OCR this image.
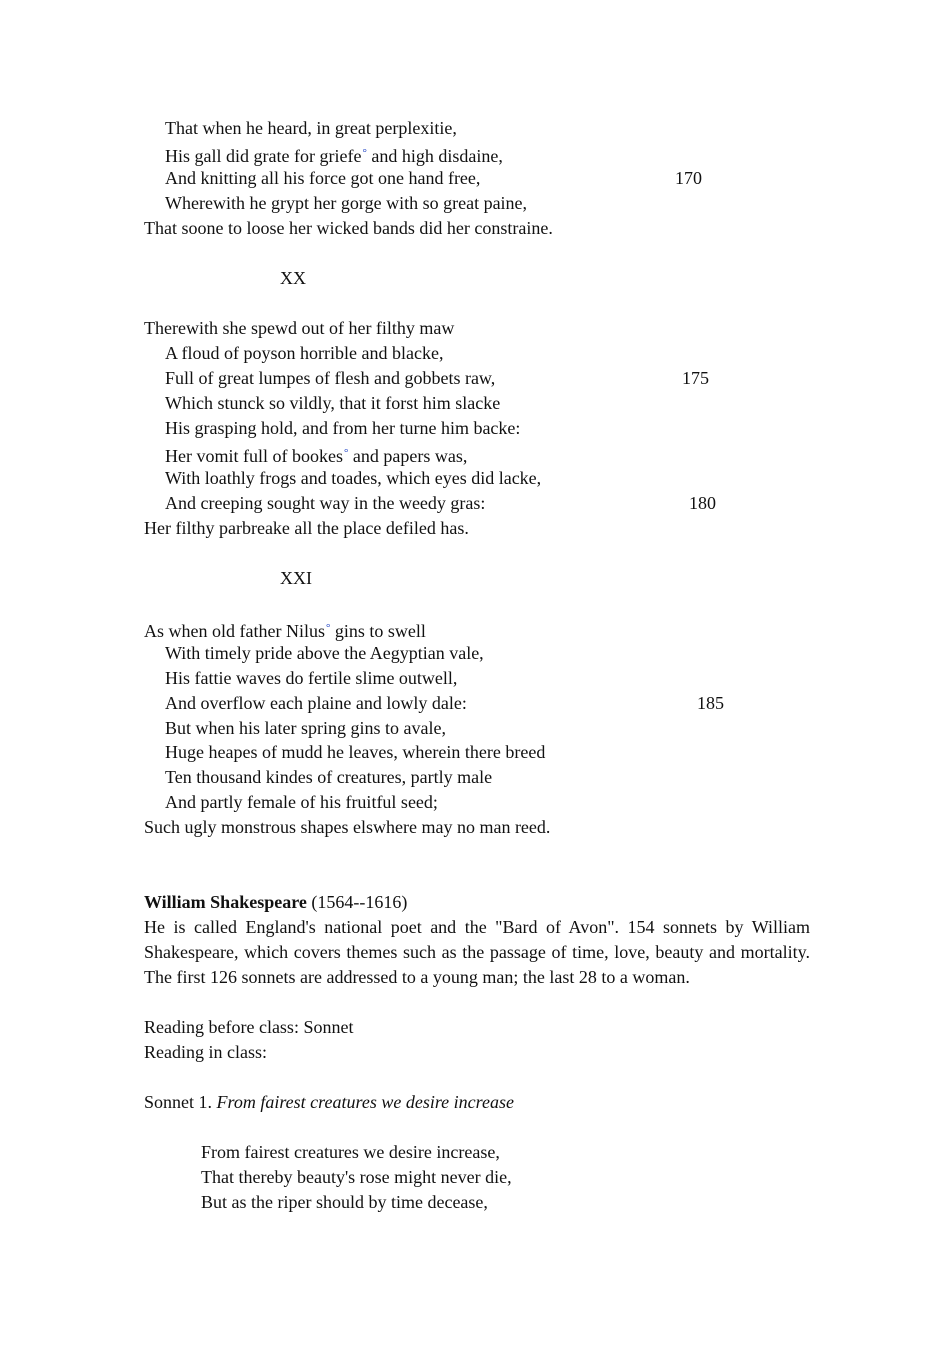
That when he heard, in great perplexitie,
His gall did grate for griefe° and high disdaine,
And knitting all his force got one hand free,	170
Wherewith he grypt her gorge with so great paine,
That soone to loose her wicked bands did her constraine.
XX
Therewith she spewd out of her filthy maw
A floud of poyson horrible and blacke,
Full of great lumpes of flesh and gobbets raw,	175
Which stunck so vildly, that it forst him slacke
His grasping hold, and from her turne him backe:
Her vomit full of bookes° and papers was,
With loathly frogs and toades, which eyes did lacke,
And creeping sought way in the weedy gras:	180
Her filthy parbreake all the place defiled has.
XXI
As when old father Nilus° gins to swell
With timely pride above the Aegyptian vale,
His fattie waves do fertile slime outwell,
And overflow each plaine and lowly dale:	185
But when his later spring gins to avale,
Huge heapes of mudd he leaves, wherein there breed
Ten thousand kindes of creatures, partly male
And partly female of his fruitful seed;
Such ugly monstrous shapes elswhere may no man reed.
William Shakespeare (1564--1616)
He is called England's national poet and the "Bard of Avon". 154 sonnets by William Shakespeare, which covers themes such as the passage of time, love, beauty and mortality. The first 126 sonnets are addressed to a young man; the last 28 to a woman.
Reading before class: Sonnet
Reading in class:
Sonnet 1. From fairest creatures we desire increase
From fairest creatures we desire increase,
That thereby beauty's rose might never die,
But as the riper should by time decease,
